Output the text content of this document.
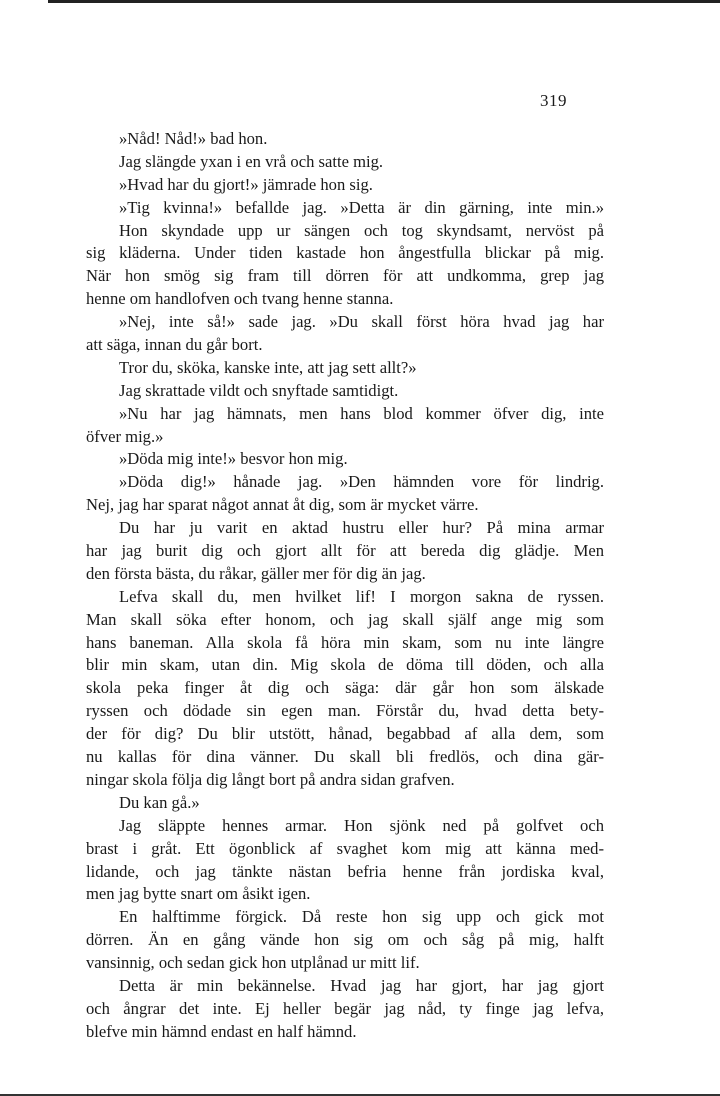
319
»Nåd! Nåd!» bad hon.
Jag slängde yxan i en vrå och satte mig.
»Hvad har du gjort!» jämrade hon sig.
»Tig kvinna!» befallde jag. »Detta är din gärning, inte min.»
Hon skyndade upp ur sängen och tog skyndsamt, nervöst på
sig kläderna. Under tiden kastade hon ångestfulla blickar på mig.
När hon smög sig fram till dörren för att undkomma, grep jag
henne om handlofven och tvang henne stanna.
»Nej, inte så!» sade jag. »Du skall först höra hvad jag har
att säga, innan du går bort.
Tror du, sköka, kanske inte, att jag sett allt?»
Jag skrattade vildt och snyftade samtidigt.
»Nu har jag hämnats, men hans blod kommer öfver dig, inte
öfver mig.»
»Döda mig inte!» besvor hon mig.
»Döda dig!» hånade jag. »Den hämnden vore för lindrig.
Nej, jag har sparat något annat åt dig, som är mycket värre.
Du har ju varit en aktad hustru eller hur? På mina armar
har jag burit dig och gjort allt för att bereda dig glädje. Men
den första bästa, du råkar, gäller mer för dig än jag.
Lefva skall du, men hvilket lif! I morgon sakna de ryssen.
Man skall söka efter honom, och jag skall själf ange mig som
hans baneman. Alla skola få höra min skam, som nu inte längre
blir min skam, utan din. Mig skola de döma till döden, och alla
skola peka finger åt dig och säga: där går hon som älskade
ryssen och dödade sin egen man. Förstår du, hvad detta bety-
der för dig? Du blir utstött, hånad, begabbad af alla dem, som
nu kallas för dina vänner. Du skall bli fredlös, och dina gär-
ningar skola följa dig långt bort på andra sidan grafven.
Du kan gå.»
Jag släppte hennes armar. Hon sjönk ned på golfvet och
brast i gråt. Ett ögonblick af svaghet kom mig att känna med-
lidande, och jag tänkte nästan befria henne från jordiska kval,
men jag bytte snart om åsikt igen.
En halftimme förgick. Då reste hon sig upp och gick mot
dörren. Än en gång vände hon sig om och såg på mig, halft
vansinnig, och sedan gick hon utplånad ur mitt lif.
Detta är min bekännelse. Hvad jag har gjort, har jag gjort
och ångrar det inte. Ej heller begär jag nåd, ty finge jag lefva,
blefve min hämnd endast en half hämnd.
